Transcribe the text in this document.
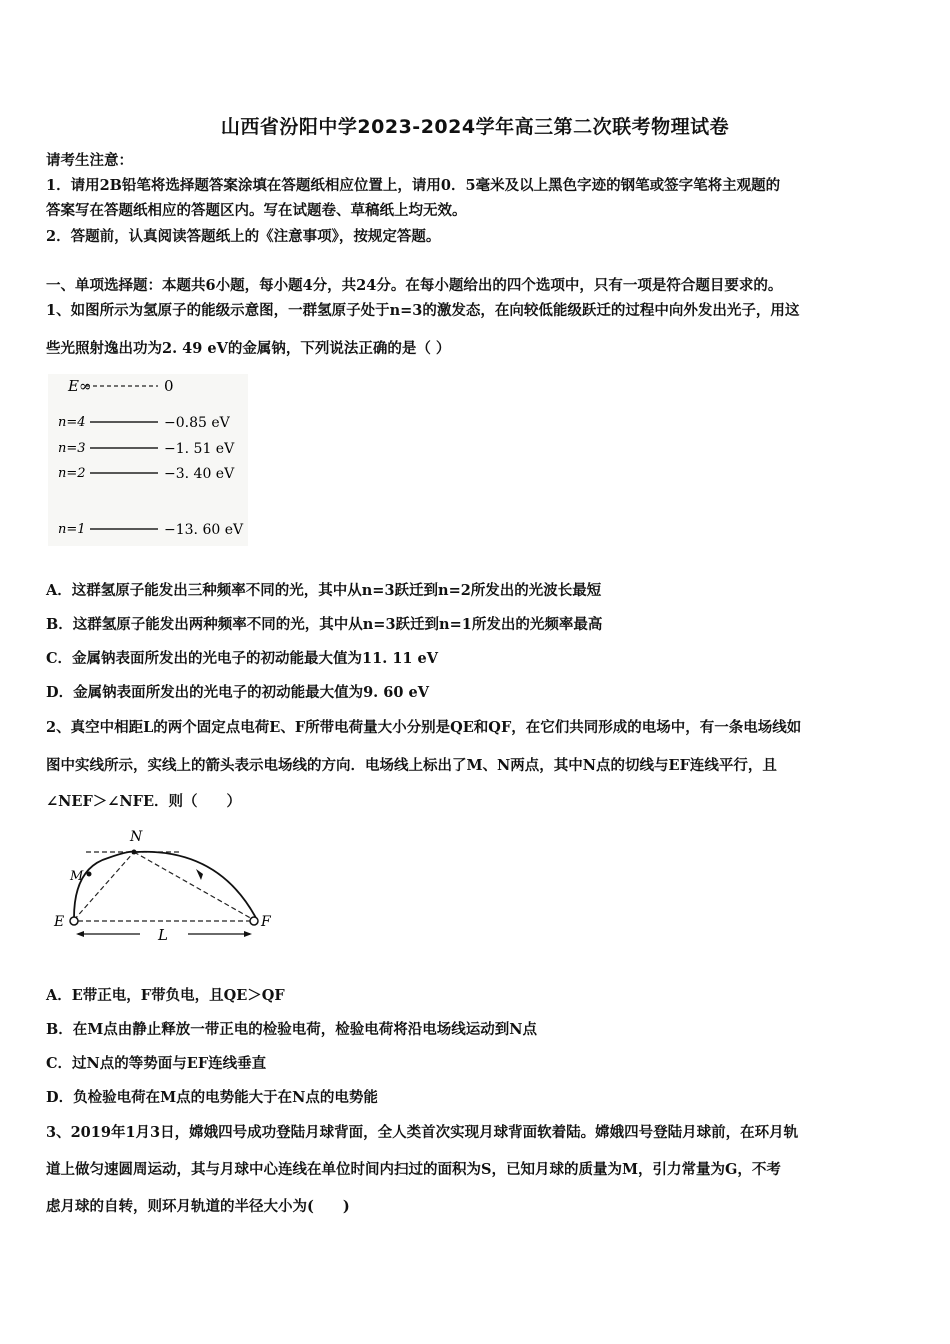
山西省汾阳中学2023-2024学年高三第二次联考物理试卷
请考生注意：
1．请用2B铅笔将选择题答案涂填在答题纸相应位置上，请用0．5毫米及以上黑色字迹的钢笔或签字笔将主观题的
答案写在答题纸相应的答题区内。写在试题卷、草稿纸上均无效。
2．答题前，认真阅读答题纸上的《注意事项》，按规定答题。
一、单项选择题：本题共6小题，每小题4分，共24分。在每小题给出的四个选项中，只有一项是符合题目要求的。
1、如图所示为氢原子的能级示意图，一群氢原子处于n=3的激发态，在向较低能级跃迁的过程中向外发出光子，用这
些光照射逸出功为2. 49 eV的金属钠，下列说法正确的是（ ）
E∞	0
n=4	−0.85 eV
n=3	−1. 51 eV
n=2	−3. 40 eV
n=1	−13. 60 eV
A．这群氢原子能发出三种频率不同的光，其中从n=3跃迁到n=2所发出的光波长最短
B．这群氢原子能发出两种频率不同的光，其中从n=3跃迁到n=1所发出的光频率最高
C．金属钠表面所发出的光电子的初动能最大值为11. 11 eV
D．金属钠表面所发出的光电子的初动能最大值为9. 60 eV
2、真空中相距L的两个固定点电荷E、F所带电荷量大小分别是QE和QF，在它们共同形成的电场中，有一条电场线如
图中实线所示，实线上的箭头表示电场线的方向．电场线上标出了M、N两点，其中N点的切线与EF连线平行，且
∠NEF＞∠NFE．则（　　）
N
M
E	F
L
A．E带正电，F带负电，且QE＞QF
B．在M点由静止释放一带正电的检验电荷，检验电荷将沿电场线运动到N点
C．过N点的等势面与EF连线垂直
D．负检验电荷在M点的电势能大于在N点的电势能
3、2019年1月3日，嫦娥四号成功登陆月球背面，全人类首次实现月球背面软着陆。嫦娥四号登陆月球前，在环月轨
道上做匀速圆周运动，其与月球中心连线在单位时间内扫过的面积为S，已知月球的质量为M，引力常量为G，不考
虑月球的自转，则环月轨道的半径大小为(　　)
